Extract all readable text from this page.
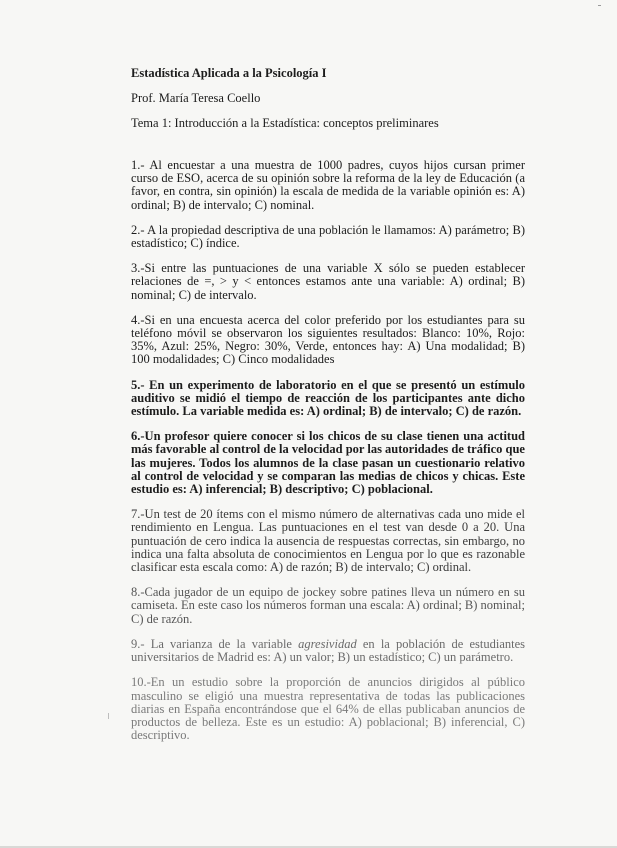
Estadística Aplicada a la Psicología I

Prof. María Teresa Coello

Tema 1: Introducción a la Estadística: conceptos preliminares

1.- Al encuestar a una muestra de 1000 padres, cuyos hijos cursan primer curso de ESO, acerca de su opinión sobre la reforma de la ley de Educación (a favor, en contra, sin opinión) la escala de medida de la variable opinión es: A) ordinal; B) de intervalo; C) nominal.

2.- A la propiedad descriptiva de una población le llamamos: A) parámetro; B) estadístico; C) índice.

3.-Si entre las puntuaciones de una variable X sólo se pueden establecer relaciones de =, > y < entonces estamos ante una variable: A) ordinal; B) nominal; C) de intervalo.

4.-Si en una encuesta acerca del color preferido por los estudiantes para su teléfono móvil se observaron los siguientes resultados: Blanco: 10%, Rojo: 35%, Azul: 25%, Negro: 30%, Verde, entonces hay: A) Una modalidad; B) 100 modalidades; C) Cinco modalidades

5.- En un experimento de laboratorio en el que se presentó un estímulo auditivo se midió el tiempo de reacción de los participantes ante dicho estímulo. La variable medida es: A) ordinal; B) de intervalo; C) de razón.

6.-Un profesor quiere conocer si los chicos de su clase tienen una actitud más favorable al control de la velocidad por las autoridades de tráfico que las mujeres. Todos los alumnos de la clase pasan un cuestionario relativo al control de velocidad y se comparan las medias de chicos y chicas. Este estudio es: A) inferencial; B) descriptivo; C) poblacional.

7.-Un test de 20 ítems con el mismo número de alternativas cada uno mide el rendimiento en Lengua. Las puntuaciones en el test van desde 0 a 20. Una puntuación de cero indica la ausencia de respuestas correctas, sin embargo, no indica una falta absoluta de conocimientos en Lengua por lo que es razonable clasificar esta escala como: A) de razón; B) de intervalo; C) ordinal.

8.-Cada jugador de un equipo de jockey sobre patines lleva un número en su camiseta. En este caso los números forman una escala: A) ordinal; B) nominal; C) de razón.

9.- La varianza de la variable agresividad en la población de estudiantes universitarios de Madrid es: A) un valor; B) un estadístico; C) un parámetro.

10.-En un estudio sobre la proporción de anuncios dirigidos al público masculino se eligió una muestra representativa de todas las publicaciones diarias en España encontrándose que el 64% de ellas publicaban anuncios de productos de belleza. Este es un estudio: A) poblacional; B) inferencial, C) descriptivo.
